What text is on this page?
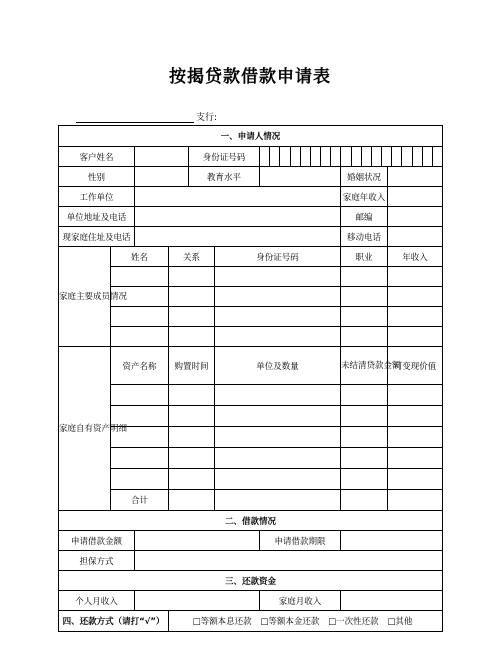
按揭贷款借款申请表
支行:
一、申请人情况								
客户姓名				身份证号码				

性别				教育水平			婚姻状况	
工作单位							家庭年收入	
单位地址及电话							邮编	
现家庭住址及电话							移动电话	
家庭主要成员情况	姓名		关系		身份证号码		职业	年收入

家庭自有资产明细	资产名称		购置时间		单位及数量		未结清贷款金额	可变现价值

	合计							
二、借款情况								
申请借款金额						申请借款期限		
担保方式								
三、还款资金								
个人月收入						家庭月收入		
四、还款方式（请打“√”）			□等额本息还款 □等额本金还款 □一次性还款 □其他					
